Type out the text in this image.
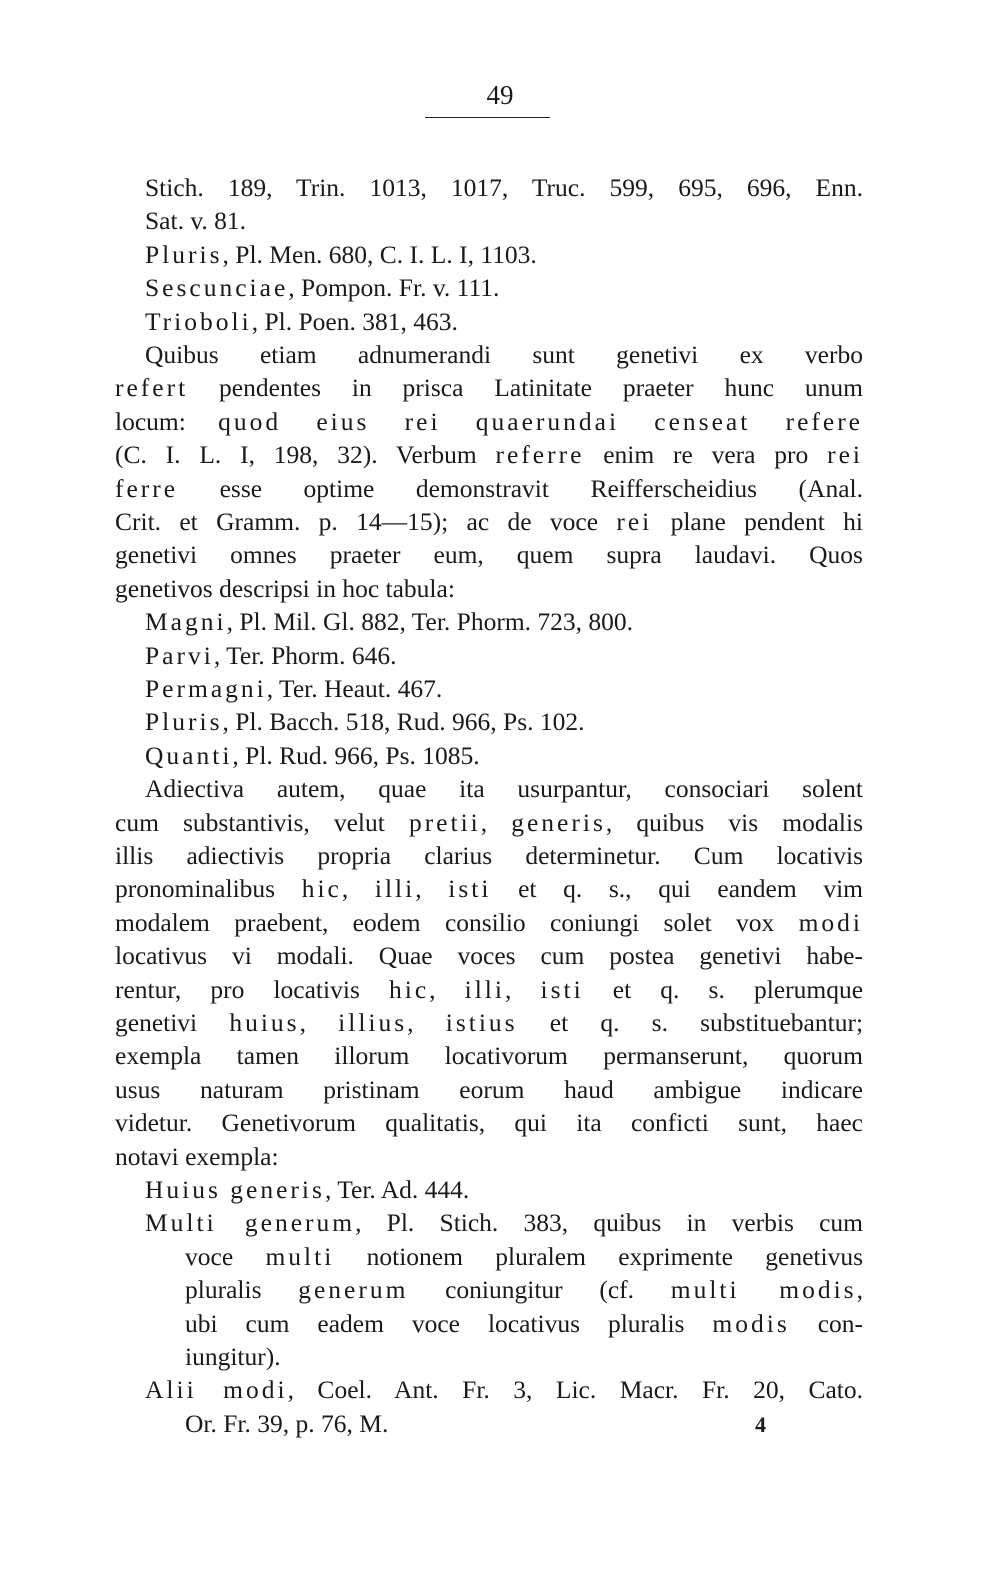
49
Stich. 189, Trin. 1013, 1017, Truc. 599, 695, 696, Enn.
Sat. v. 81.
Pluris, Pl. Men. 680, C. I. L. I, 1103.
Sescunciae, Pompon. Fr. v. 111.
Trioboli, Pl. Poen. 381, 463.
Quibus etiam adnumerandi sunt genetivi ex verbo
refert pendentes in prisca Latinitate praeter hunc unum
locum: quod eius rei quaerundai censeat refere
(C. I. L. I, 198, 32). Verbum referre enim re vera pro rei
ferre esse optime demonstravit Reifferscheidius (Anal.
Crit. et Gramm. p. 14—15); ac de voce rei plane pendent hi
genetivi omnes praeter eum, quem supra laudavi. Quos
genetivos descripsi in hoc tabula:
Magni, Pl. Mil. Gl. 882, Ter. Phorm. 723, 800.
Parvi, Ter. Phorm. 646.
Permagni, Ter. Heaut. 467.
Pluris, Pl. Bacch. 518, Rud. 966, Ps. 102.
Quanti, Pl. Rud. 966, Ps. 1085.
Adiectiva autem, quae ita usurpantur, consociari solent
cum substantivis, velut pretii, generis, quibus vis modalis
illis adiectivis propria clarius determinetur. Cum locativis
pronominalibus hic, illi, isti et q. s., qui eandem vim
modalem praebent, eodem consilio coniungi solet vox modi
locativus vi modali. Quae voces cum postea genetivi habe-
rentur, pro locativis hic, illi, isti et q. s. plerumque
genetivi huius, illius, istius et q. s. substituebantur;
exempla tamen illorum locativorum permanserunt, quorum
usus naturam pristinam eorum haud ambigue indicare
videtur. Genetivorum qualitatis, qui ita conficti sunt, haec
notavi exempla:
Huius generis, Ter. Ad. 444.
Multi generum, Pl. Stich. 383, quibus in verbis cum
voce multi notionem pluralem exprimente genetivus
pluralis generum coniungitur (cf. multi modis,
ubi cum eadem voce locativus pluralis modis con-
iungitur).
Alii modi, Coel. Ant. Fr. 3, Lic. Macr. Fr. 20, Cato.
Or. Fr. 39, p. 76, M.	4
